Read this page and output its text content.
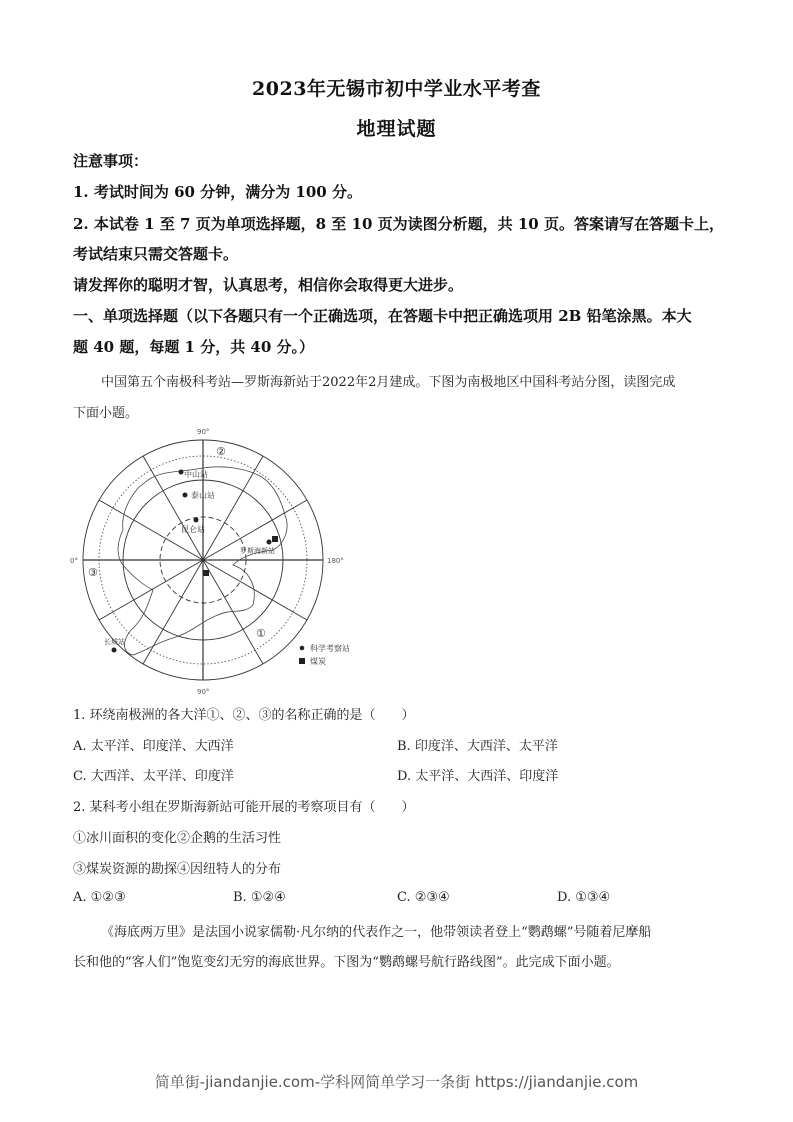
2023年无锡市初中学业水平考查
地理试题
注意事项：
1. 考试时间为 60 分钟，满分为 100 分。
2. 本试卷 1 至 7 页为单项选择题，8 至 10 页为读图分析题，共 10 页。答案请写在答题卡上，
考试结束只需交答题卡。
请发挥你的聪明才智，认真思考，相信你会取得更大进步。
一、单项选择题（以下各题只有一个正确选项，在答题卡中把正确选项用 2B 铅笔涂黑。本大
题 40 题，每题 1 分，共 40 分。）
中国第五个南极科考站—罗斯海新站于2022年2月建成。下图为南极地区中国科考站分图，读图完成
下面小题。
90°
0°	180°
90°
①
②
③
中山站
泰山站
昆仑站
罗斯海新站
长城站
科学考察站
煤炭
1. 环绕南极洲的各大洋①、②、③的名称正确的是（　　）
A. 太平洋、印度洋、大西洋	B. 印度洋、大西洋、太平洋
C. 大西洋、太平洋、印度洋	D. 太平洋、大西洋、印度洋
2. 某科考小组在罗斯海新站可能开展的考察项目有（　　）
①冰川面积的变化②企鹅的生活习性
③煤炭资源的勘探④因纽特人的分布
A. ①②③	B. ①②④	C. ②③④	D. ①③④
《海底两万里》是法国小说家儒勒·凡尔纳的代表作之一，他带领读者登上“鹦鹉螺”号随着尼摩船
长和他的“客人们”饱览变幻无穷的海底世界。下图为“鹦鹉螺号航行路线图”。此完成下面小题。
简单街-jiandanjie.com-学科网简单学习一条街 https://jiandanjie.com
